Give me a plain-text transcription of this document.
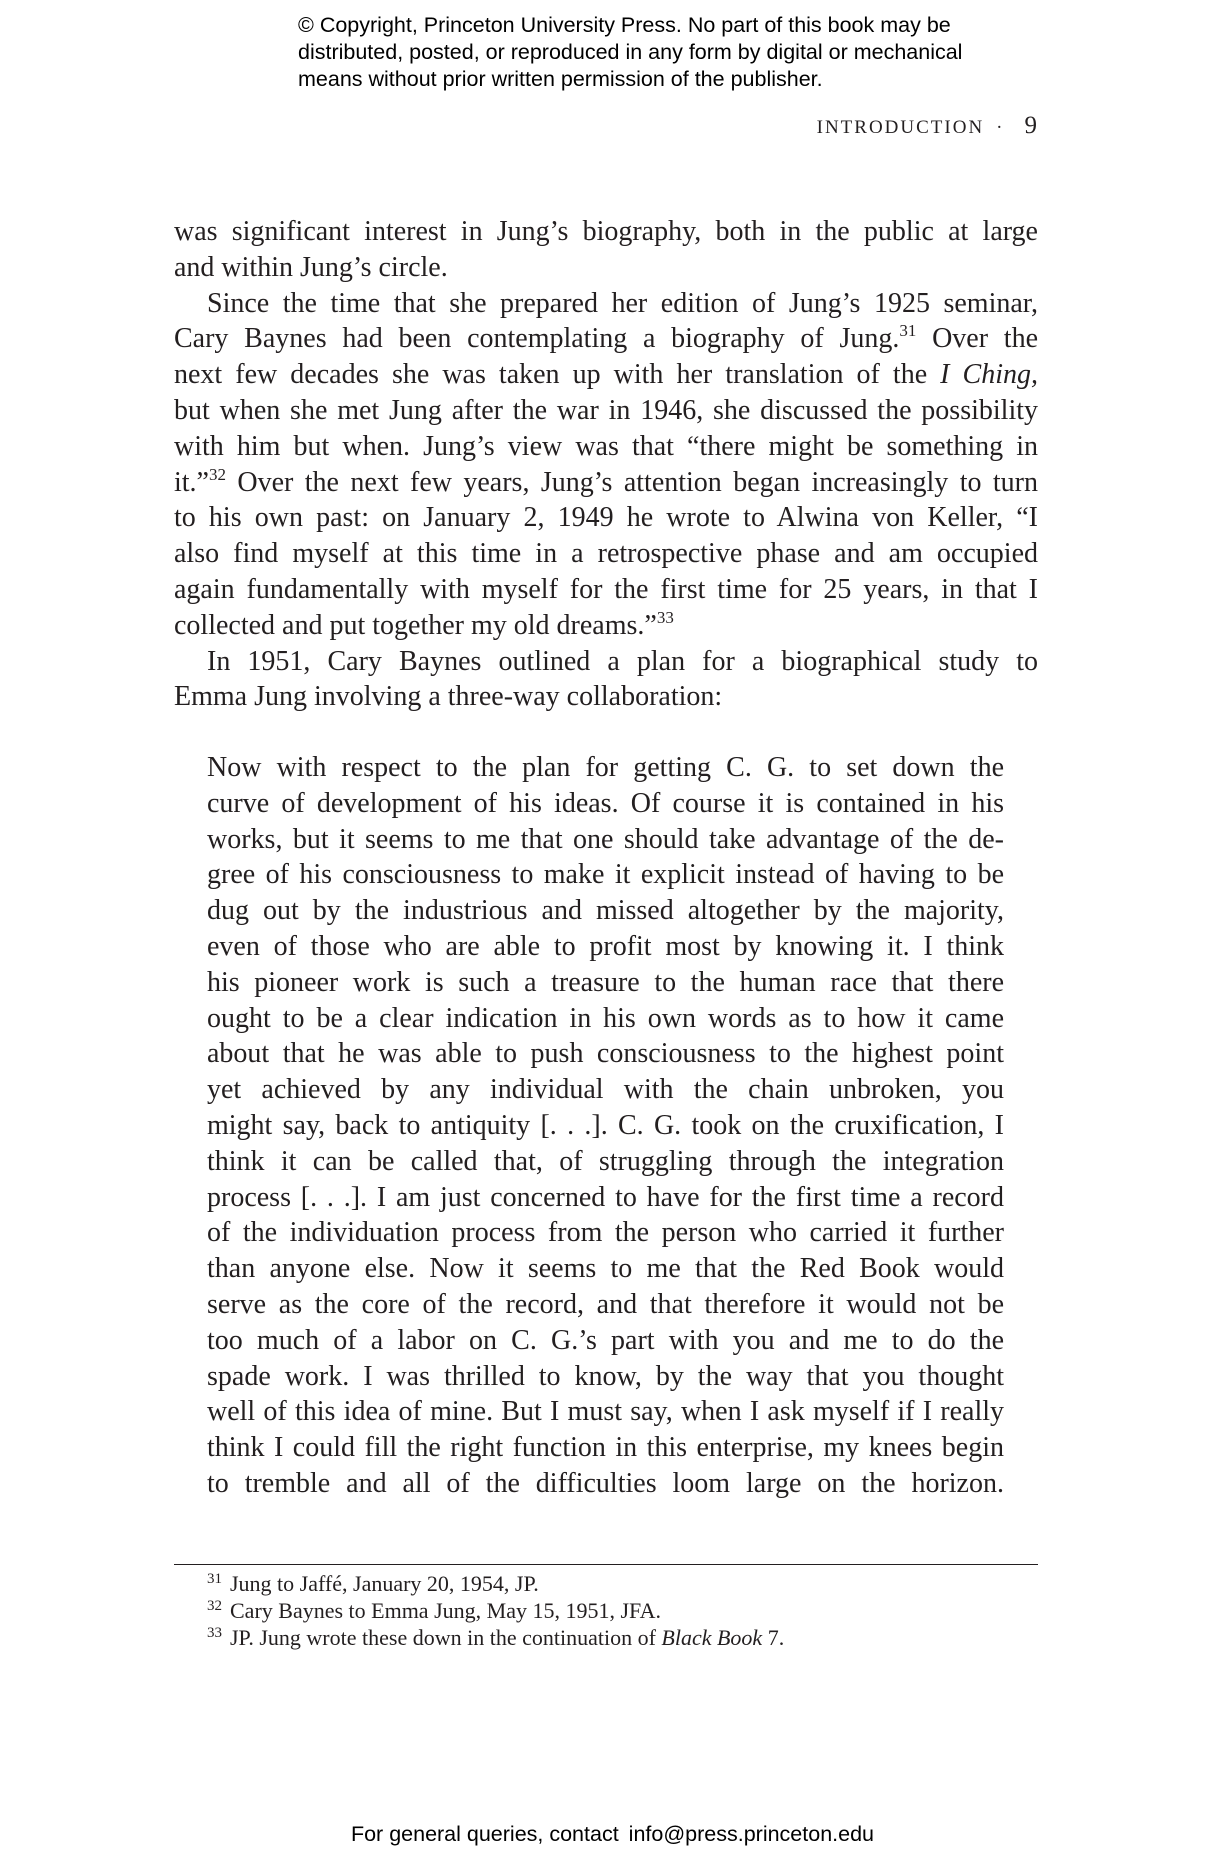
© Copyright, Princeton University Press. No part of this book may be
distributed, posted, or reproduced in any form by digital or mechanical
means without prior written permission of the publisher.
INTRODUCTION · 9
was significant interest in Jung’s biography, both in the public at large
and within Jung’s circle.
Since the time that she prepared her edition of Jung’s 1925 seminar,
Cary Baynes had been contemplating a biography of Jung.$^{31}$ Over the
next few decades she was taken up with her translation of the I Ching,
but when she met Jung after the war in 1946, she discussed the possibility
with him but when. Jung’s view was that “there might be something in
it.”$^{32}$ Over the next few years, Jung’s attention began increasingly to turn
to his own past: on January 2, 1949 he wrote to Alwina von Keller, “I
also find myself at this time in a retrospective phase and am occupied
again fundamentally with myself for the first time for 25 years, in that I
collected and put together my old dreams.”$^{33}$
In 1951, Cary Baynes outlined a plan for a biographical study to
Emma Jung involving a three-way collaboration:
Now with respect to the plan for getting C. G. to set down the
curve of development of his ideas. Of course it is contained in his
works, but it seems to me that one should take advantage of the de-
gree of his consciousness to make it explicit instead of having to be
dug out by the industrious and missed altogether by the majority,
even of those who are able to profit most by knowing it. I think
his pioneer work is such a treasure to the human race that there
ought to be a clear indication in his own words as to how it came
about that he was able to push consciousness to the highest point
yet achieved by any individual with the chain unbroken, you
might say, back to antiquity [. . .]. C. G. took on the cruxification, I
think it can be called that, of struggling through the integration
process [. . .]. I am just concerned to have for the first time a record
of the individuation process from the person who carried it further
than anyone else. Now it seems to me that the Red Book would
serve as the core of the record, and that therefore it would not be
too much of a labor on C. G.’s part with you and me to do the
spade work. I was thrilled to know, by the way that you thought
well of this idea of mine. But I must say, when I ask myself if I really
think I could fill the right function in this enterprise, my knees begin
to tremble and all of the difficulties loom large on the horizon.
$^{31}$ Jung to Jaffé, January 20, 1954, JP.
$^{32}$ Cary Baynes to Emma Jung, May 15, 1951, JFA.
$^{33}$ JP. Jung wrote these down in the continuation of Black Book 7.
For general queries, contact info@press.princeton.edu
